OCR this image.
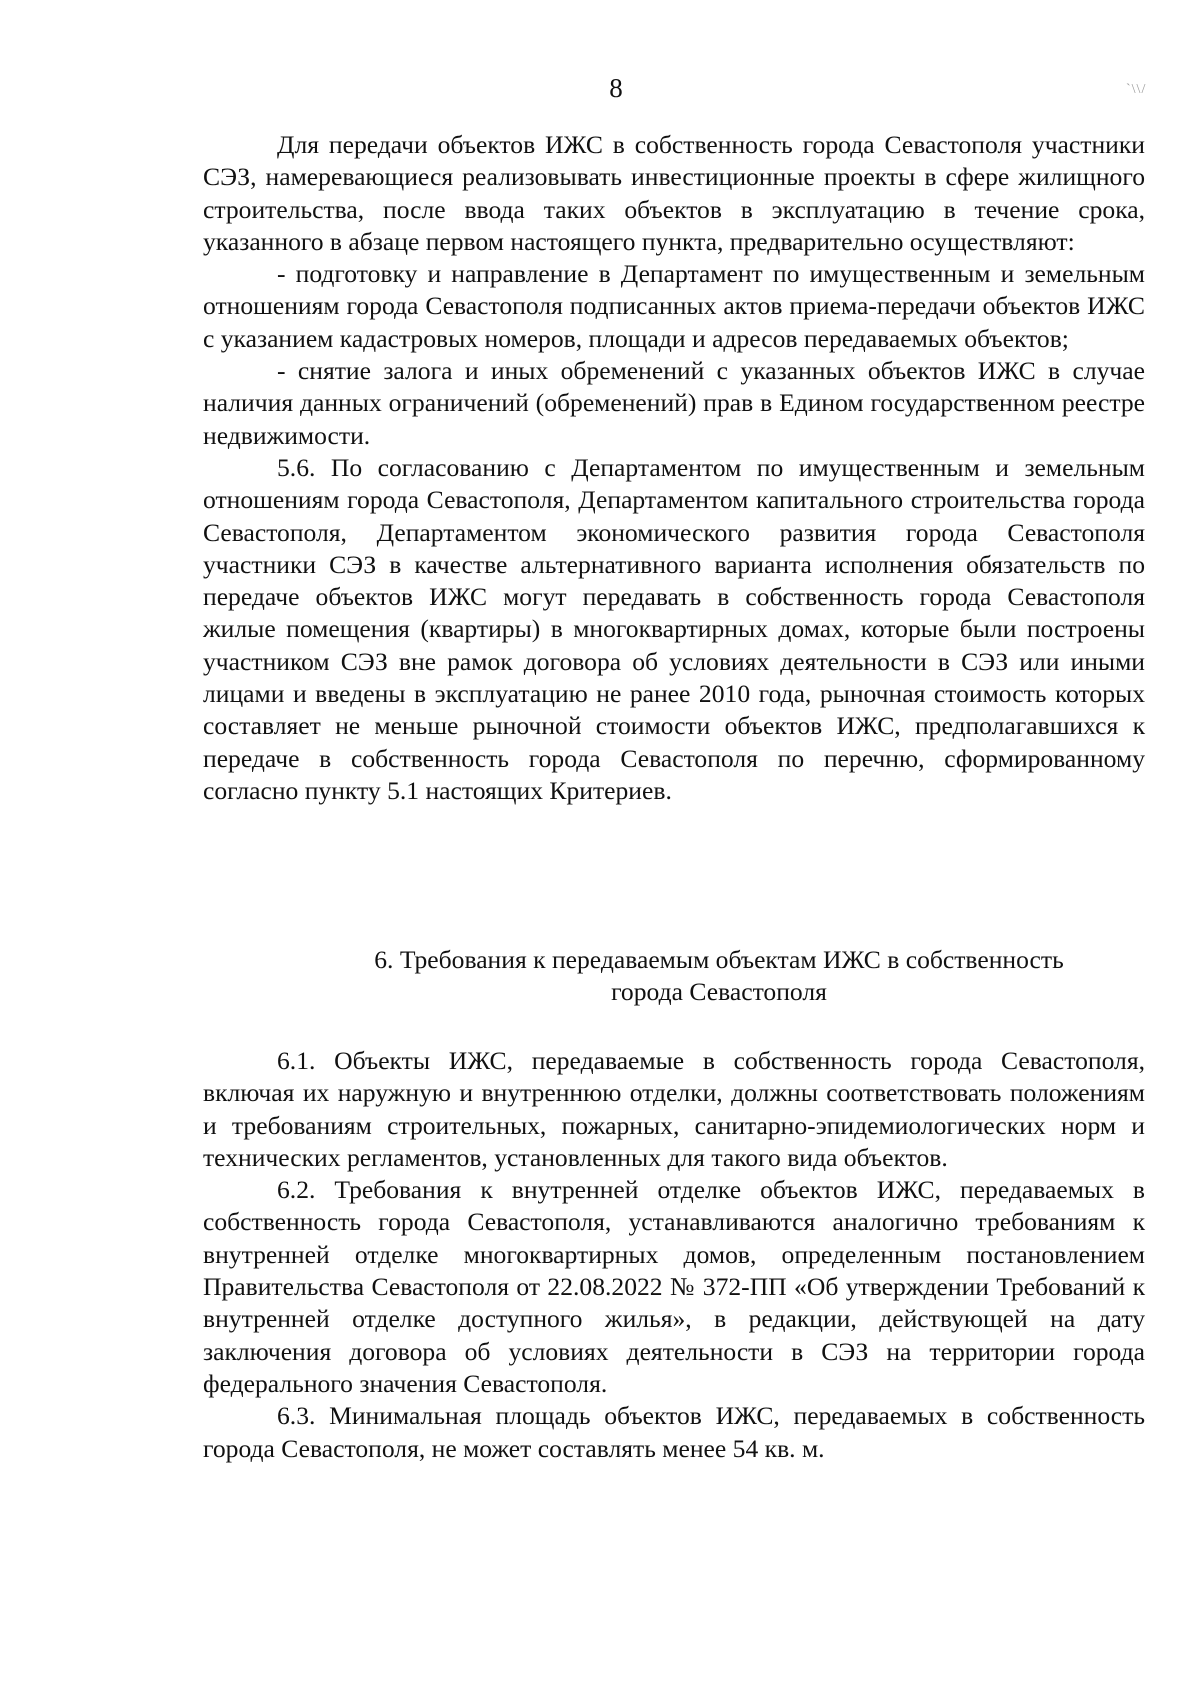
8	`\\/

Для передачи объектов ИЖС в собственность города Севастополя участники СЭЗ, намеревающиеся реализовывать инвестиционные проекты в сфере жилищного строительства, после ввода таких объектов в эксплуатацию в течение срока, указанного в абзаце первом настоящего пункта, предварительно осуществляют:

- подготовку и направление в Департамент по имущественным и земельным отношениям города Севастополя подписанных актов приема-передачи объектов ИЖС с указанием кадастровых номеров, площади и адресов передаваемых объектов;

- снятие залога и иных обременений с указанных объектов ИЖС в случае наличия данных ограничений (обременений) прав в Едином государственном реестре недвижимости.

5.6. По согласованию с Департаментом по имущественным и земельным отношениям города Севастополя, Департаментом капитального строительства города Севастополя, Департаментом экономического развития города Севастополя участники СЭЗ в качестве альтернативного варианта исполнения обязательств по передаче объектов ИЖС могут передавать в собственность города Севастополя жилые помещения (квартиры) в многоквартирных домах, которые были построены участником СЭЗ вне рамок договора об условиях деятельности в СЭЗ или иными лицами и введены в эксплуатацию не ранее 2010 года, рыночная стоимость которых составляет не меньше рыночной стоимости объектов ИЖС, предполагавшихся к передаче в собственность города Севастополя по перечню, сформированному согласно пункту 5.1 настоящих Критериев.

6. Требования к передаваемым объектам ИЖС в собственность
города Севастополя

6.1. Объекты ИЖС, передаваемые в собственность города Севастополя, включая их наружную и внутреннюю отделки, должны соответствовать положениям и требованиям строительных, пожарных, санитарно-эпидемиологических норм и технических регламентов, установленных для такого вида объектов.

6.2. Требования к внутренней отделке объектов ИЖС, передаваемых в собственность города Севастополя, устанавливаются аналогично требованиям к внутренней отделке многоквартирных домов, определенным постановлением Правительства Севастополя от 22.08.2022 № 372-ПП «Об утверждении Требований к внутренней отделке доступного жилья», в редакции, действующей на дату заключения договора об условиях деятельности в СЭЗ на территории города федерального значения Севастополя.

6.3. Минимальная площадь объектов ИЖС, передаваемых в собственность города Севастополя, не может составлять менее 54 кв. м.
